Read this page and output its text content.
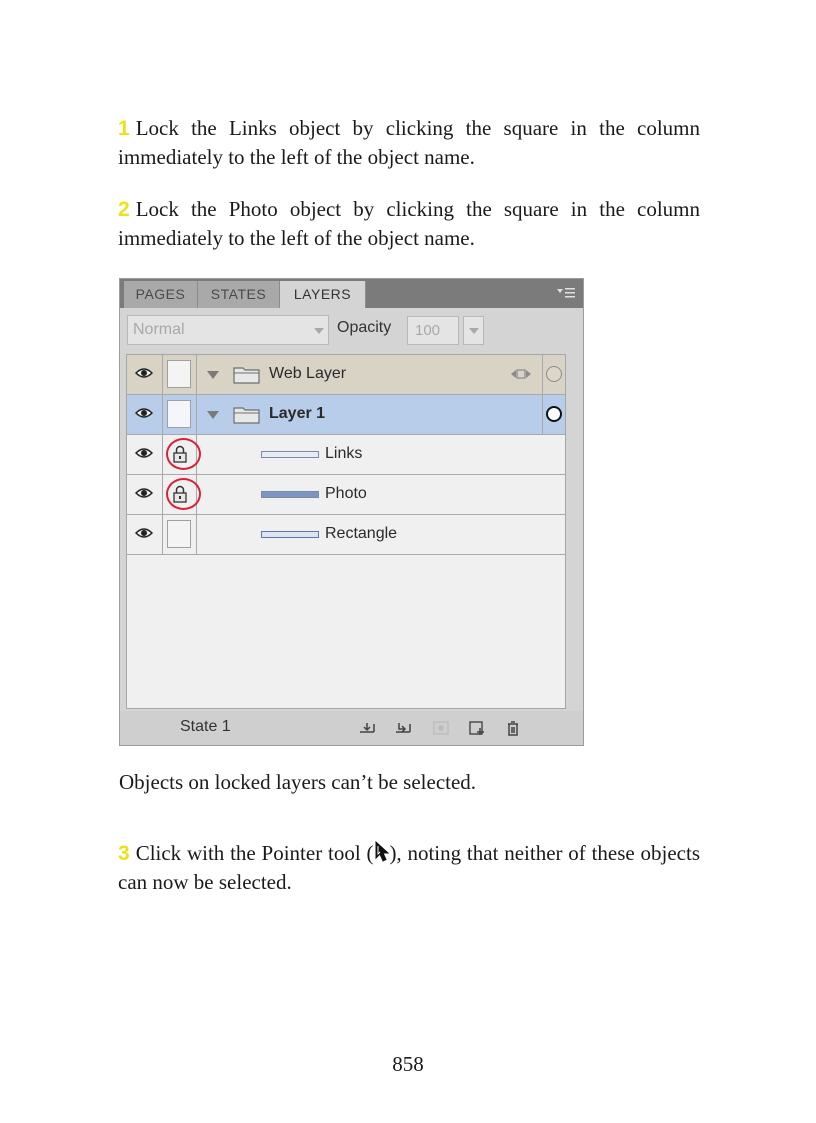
1 Lock the Links object by clicking the square in the column immediately to the left of the object name.

2 Lock the Photo object by clicking the square in the column immediately to the left of the object name.

PAGES	STATES	LAYERS
Normal	Opacity	100
Web Layer
Layer 1
Links
Photo
Rectangle
State 1

Objects on locked layers can’t be selected.

3 Click with the Pointer tool ( ), noting that neither of these objects can now be selected.

858
